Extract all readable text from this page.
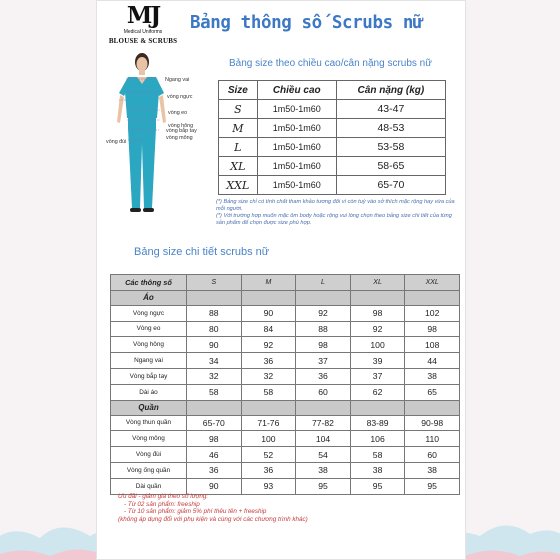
MJ
Medical Uniforms
BLOUSE & SCRUBS
Bảng thông số Scrubs nữ
Ngang vai
vòng ngực
vòng eo
vòng hông
vòng bắp tay
vòng mông
vòng đùi
Bảng size theo chiều cao/cân nặng scrubs nữ
Size	Chiều cao	Cân nặng (kg)
S	1m50-1m60	43-47
M	1m50-1m60	48-53
L	1m50-1m60	53-58
XL	1m50-1m60	58-65
XXL	1m50-1m60	65-70
(*) Bảng size chỉ có tính chất tham khảo tương đối vì còn tuỳ vào sở thích mặc rộng hay vừa của mỗi người.
(*) Với trường hợp muốn mặc ôm body hoặc rộng vui lòng chọn theo bảng size chi tiết của từng sản phẩm để chọn được size phù hợp.
Bảng size chi tiết scrubs nữ
Các thông số	S	M	L	XL	XXL
Áo					
Vòng ngực	88	90	92	98	102
Vòng eo	80	84	88	92	98
Vòng hông	90	92	98	100	108
Ngang vai	34	36	37	39	44
Vòng bắp tay	32	32	36	37	38
Dài áo	58	58	60	62	65
Quần					
Vòng thun quần	65-70	71-76	77-82	83-89	90-98
Vòng mông	98	100	104	106	110
Vòng đùi	46	52	54	58	60
Vòng ống quần	36	36	38	38	38
Dài quần	90	93	95	95	95
Ưu đãi - giảm giá theo số lượng:
- Từ 02 sản phẩm: freeship
- Từ 10 sản phẩm: giảm 5% phí thêu tên + freeship
(không áp dụng đổi với phụ kiện và cùng với các chương trình khác)
